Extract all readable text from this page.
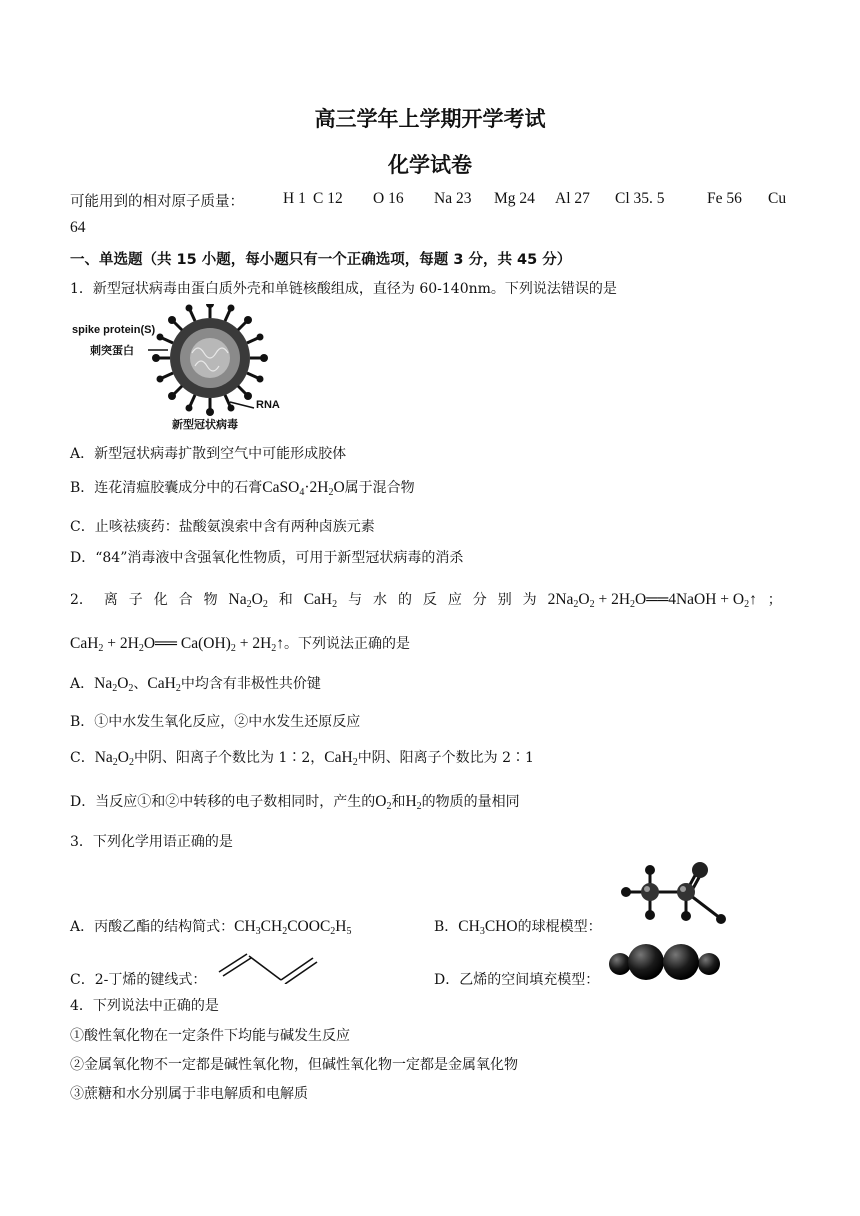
高三学年上学期开学考试
化学试卷
可能用到的相对原子质量：	H 1 C 12 O 16 Na 23 Mg 24 Al 27 Cl 35. 5	Fe 56 Cu
64
一、单选题（共 15 小题，每小题只有一个正确选项，每题 3 分，共 45 分）
1．新型冠状病毒由蛋白质外壳和单链核酸组成，直径为 60-140nm。下列说法错误的是
spike protein(S)
刺突蛋白
RNA
新型冠状病毒
A．新型冠状病毒扩散到空气中可能形成胶体
B．连花清瘟胶囊成分中的石膏$CaSO_4\cdot 2H_2O$属于混合物
C．止咳祛痰药：盐酸氨溴索中含有两种卤族元素
D．“84”消毒液中含强氧化性物质，可用于新型冠状病毒的消杀
2． 离 子 化 合 物 $Na_2O_2$ 和 CaH$_2$ 与 水 的 反 应 分 别 为 $2Na_2O_2$ + $2H_2O══4NaOH$ + $O_2↑$ ；
$CaH_2 + 2H_2O══$ $Ca(OH)_2$ + $2H_2↑$。下列说法正确的是
A．$Na_2O_2$、CaH$_2$中均含有非极性共价键
B．①中水发生氧化反应，②中水发生还原反应
C．$Na_2O_2$中阴、阳离子个数比为 1∶2，CaH$_2$中阴、阳离子个数比为 2∶1
D．当反应①和②中转移的电子数相同时，产生的$O_2$和$H_2$的物质的量相同
3．下列化学用语正确的是
A．丙酸乙酯的结构简式：$CH_3CH_2COOC_2H_5$	B．$CH_3CHO$的球棍模型：
C．2-丁烯的键线式：	D．乙烯的空间填充模型：
4．下列说法中正确的是
①酸性氧化物在一定条件下均能与碱发生反应
②金属氧化物不一定都是碱性氧化物，但碱性氧化物一定都是金属氧化物
③蔗糖和水分别属于非电解质和电解质
